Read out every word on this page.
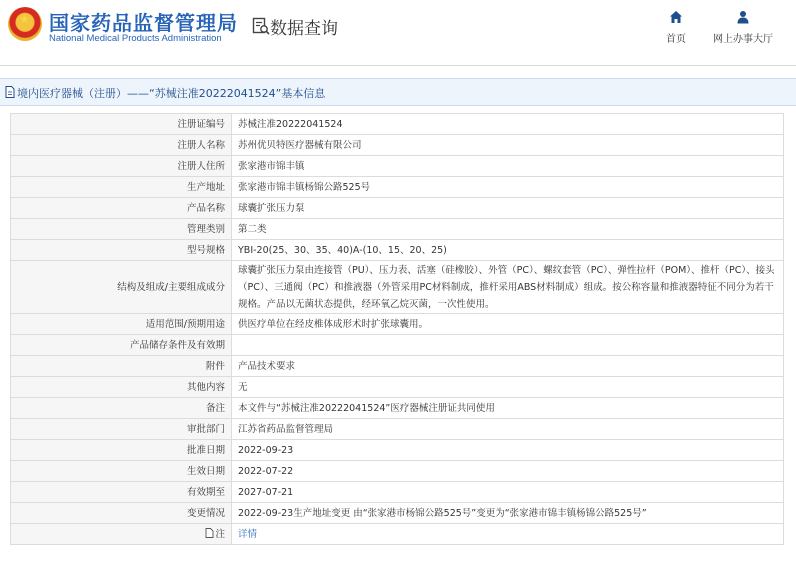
★ 国家药品监督管理局
National Medical Products Administration	数据查询
首页	网上办事大厅
境内医疗器械（注册）——“苏械注准20222041524”基本信息
注册证编号	苏械注准20222041524
注册人名称	苏州优贝特医疗器械有限公司
注册人住所	张家港市锦丰镇
生产地址	张家港市锦丰镇杨锦公路525号
产品名称	球囊扩张压力泵
管理类别	第二类
型号规格	YBI-20(25、30、35、40)A-(10、15、20、25)
结构及组成/主要组成成分	球囊扩张压力泵由连接管（PU）、压力表、活塞（硅橡胶）、外管（PC）、螺纹套管（PC）、弹性拉杆（POM）、推杆（PC）、接头（PC）、三通阀（PC）和推液器（外管采用PC材料制成，推杆采用ABS材料制成）组成。按公称容量和推液器特征不同分为若干规格。产品以无菌状态提供，经环氧乙烷灭菌，一次性使用。
适用范围/预期用途	供医疗单位在经皮椎体成形术时扩张球囊用。
产品储存条件及有效期	
附件	产品技术要求
其他内容	无
备注	本文件与“苏械注准20222041524”医疗器械注册证共同使用
审批部门	江苏省药品监督管理局
批准日期	2022-09-23
生效日期	2022-07-22
有效期至	2027-07-21
变更情况	2022-09-23生产地址变更 由“张家港市杨锦公路525号”变更为“张家港市锦丰镇杨锦公路525号”
注	详情
